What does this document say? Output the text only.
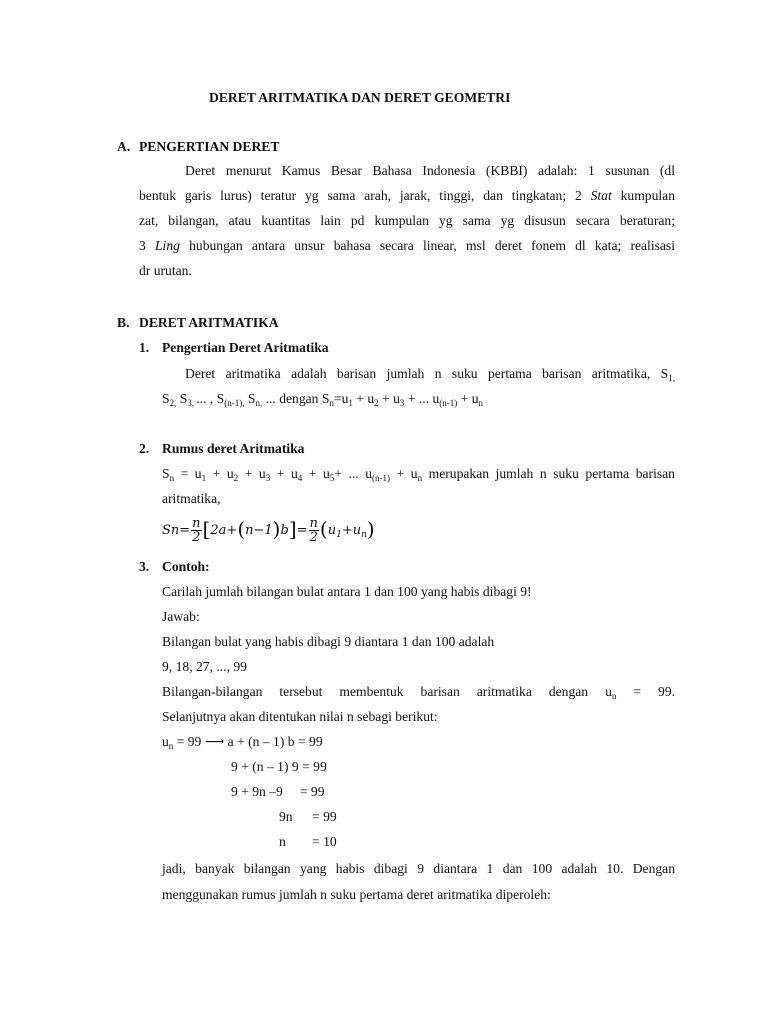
DERET ARITMATIKA DAN DERET GEOMETRI
A. PENGERTIAN DERET
Deret menurut Kamus Besar Bahasa Indonesia (KBBI) adalah: 1 susunan (dl
bentuk garis lurus) teratur yg sama arah, jarak, tinggi, dan tingkatan; 2 Stat kumpulan
zat, bilangan, atau kuantitas lain pd kumpulan yg sama yg disusun secara beraturan;
3 Ling hubungan antara unsur bahasa secara linear, msl deret fonem dl kata; realisasi
dr urutan.
B. DERET ARITMATIKA
1. Pengertian Deret Aritmatika
Deret aritmatika adalah barisan jumlah n suku pertama barisan aritmatika, $S_{1,}$
$S_{2,}$ $S_{3,}$ ... , $S_{(n-1),}$ $S_{n,}$ ... dengan $S_n=u_1 + u_2 + u_3$ + ... $u_{(n-1)} + u_n$
2. Rumus deret Aritmatika
$S_n = u_1 + u_2 + u_3 + u_4 + u_5+$ ... $u_{(n-1)} + u_n$ merupakan jumlah n suku pertama barisan
aritmatika,
$Sn= \frac{n}{2} [2a+(n-1)b]= \frac{n}{2} (u_1+u_n)$
3. Contoh:
Carilah jumlah bilangan bulat antara 1 dan 100 yang habis dibagi 9!
Jawab:
Bilangan bulat yang habis dibagi 9 diantara 1 dan 100 adalah
9, 18, 27, ..., 99
Bilangan-bilangan tersebut membentuk barisan aritmatika dengan $u_n = 99$.
Selanjutnya akan ditentukan nilai n sebagi berikut:
$u_n = 99$ ⟶ a + (n – 1) b = 99
9 + (n – 1) 9 = 99
9 + 9n –9     = 99
9n = 99
n = 10
jadi, banyak bilangan yang habis dibagi 9 diantara 1 dan 100 adalah 10. Dengan
menggunakan rumus jumlah n suku pertama deret aritmatika diperoleh:
